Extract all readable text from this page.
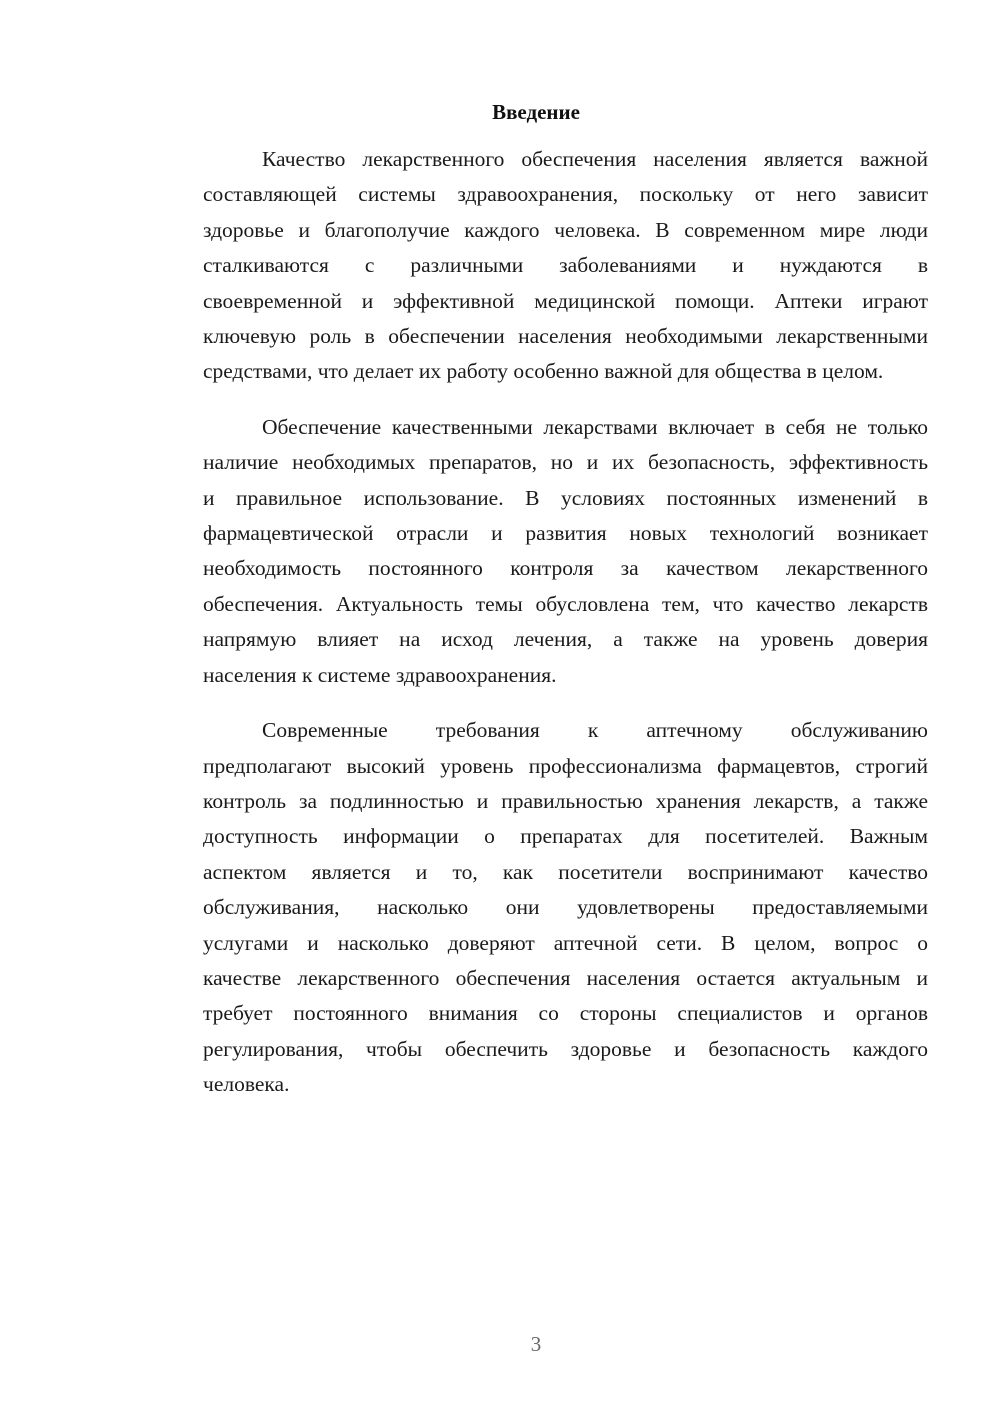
Введение
Качество лекарственного обеспечения населения является важной
составляющей системы здравоохранения, поскольку от него зависит
здоровье и благополучие каждого человека. В современном мире люди
сталкиваются с различными заболеваниями и нуждаются в
своевременной и эффективной медицинской помощи. Аптеки играют
ключевую роль в обеспечении населения необходимыми лекарственными
средствами, что делает их работу особенно важной для общества в целом.
Обеспечение качественными лекарствами включает в себя не только
наличие необходимых препаратов, но и их безопасность, эффективность
и правильное использование. В условиях постоянных изменений в
фармацевтической отрасли и развития новых технологий возникает
необходимость постоянного контроля за качеством лекарственного
обеспечения. Актуальность темы обусловлена тем, что качество лекарств
напрямую влияет на исход лечения, а также на уровень доверия
населения к системе здравоохранения.
Современные требования к аптечному обслуживанию
предполагают высокий уровень профессионализма фармацевтов, строгий
контроль за подлинностью и правильностью хранения лекарств, а также
доступность информации о препаратах для посетителей. Важным
аспектом является и то, как посетители воспринимают качество
обслуживания, насколько они удовлетворены предоставляемыми
услугами и насколько доверяют аптечной сети. В целом, вопрос о
качестве лекарственного обеспечения населения остается актуальным и
требует постоянного внимания со стороны специалистов и органов
регулирования, чтобы обеспечить здоровье и безопасность каждого
человека.
3
